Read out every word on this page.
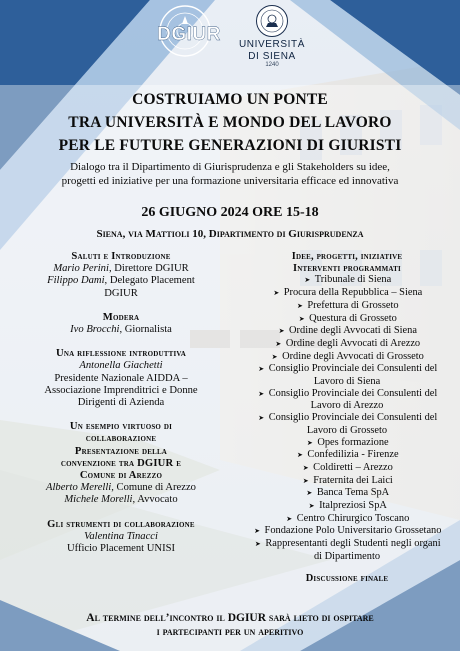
DGIUR	UNIVERSITÀ
DI SIENA
1240
COSTRUIAMO UN PONTE
TRA UNIVERSITÀ E MONDO DEL LAVORO
PER LE FUTURE GENERAZIONI DI GIURISTI
Dialogo tra il Dipartimento di Giurisprudenza e gli Stakeholders su idee,
progetti ed iniziative per una formazione universitaria efficace ed innovativa
26 GIUGNO 2024 ORE 15-18
Siena, via Mattioli 10, Dipartimento di Giurisprudenza
Saluti e Introduzione
Mario Perini, Direttore DGIUR
Filippo Dami, Delegato Placement
DGIUR
Modera
Ivo Brocchi, Giornalista
Una riflessione introduttiva
Antonella Giachetti
Presidente Nazionale AIDDA –
Associazione Imprenditrici e Donne
Dirigenti di Azienda
Un esempio virtuoso di
collaborazione
Presentazione della
convenzione tra DGIUR e
Comune di Arezzo
Alberto Merelli, Comune di Arezzo
Michele Morelli, Avvocato
Gli strumenti di collaborazione
Valentina Tinacci
Ufficio Placement UNISI
Idee, progetti, iniziative
Interventi programmati
➤ Tribunale di Siena
➤ Procura della Repubblica – Siena
➤ Prefettura di Grosseto
➤ Questura di Grosseto
➤ Ordine degli Avvocati di Siena
➤ Ordine degli Avvocati di Arezzo
➤ Ordine degli Avvocati di Grosseto
➤ Consiglio Provinciale dei Consulenti del
Lavoro di Siena
➤ Consiglio Provinciale dei Consulenti del
Lavoro di Arezzo
➤ Consiglio Provinciale dei Consulenti del
Lavoro di Grosseto
➤ Opes formazione
➤ Confedilizia - Firenze
➤ Coldiretti – Arezzo
➤ Fraternita dei Laici
➤ Banca Tema SpA
➤ Italpreziosi SpA
➤ Centro Chirurgico Toscano
➤ Fondazione Polo Universitario Grossetano
➤ Rappresentanti degli Studenti negli organi
di Dipartimento
Discussione finale
Al termine dell’incontro il DGIUR sarà lieto di ospitare
i partecipanti per un aperitivo
